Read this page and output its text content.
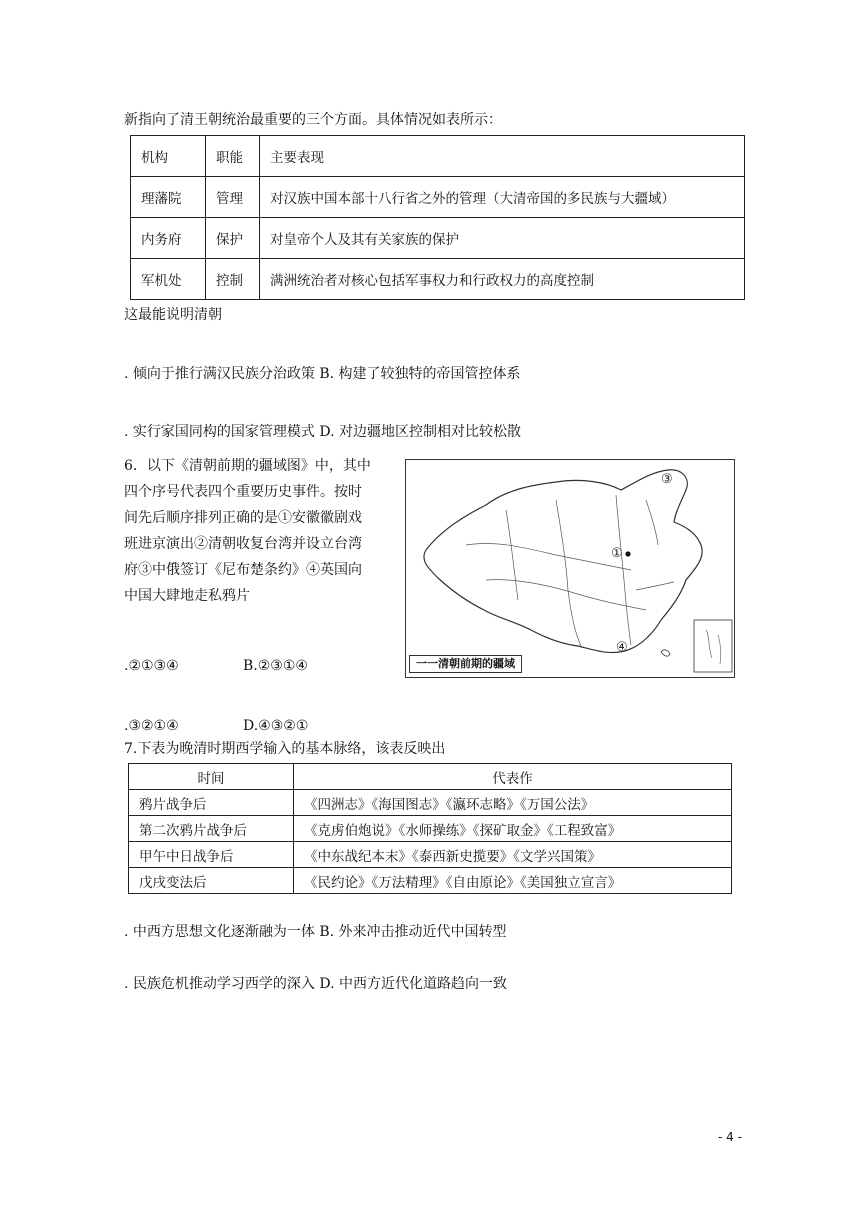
新指向了清王朝统治最重要的三个方面。具体情况如表所示：
机构	职能	主要表现
理藩院	管理	对汉族中国本部十八行省之外的管理（大清帝国的多民族与大疆域）
内务府	保护	对皇帝个人及其有关家族的保护
军机处	控制	满洲统治者对核心包括军事权力和行政权力的高度控制
这最能说明清朝
. 倾向于推行满汉民族分治政策 B. 构建了较独特的帝国管控体系
. 实行家国同构的国家管理模式 D. 对边疆地区控制相对比较松散
6．以下《清朝前期的疆域图》中，其中
四个序号代表四个重要历史事件。按时
间先后顺序排列正确的是①安徽徽剧戏
班进京演出②清朝收复台湾并设立台湾
府③中俄签订《尼布楚条约》④英国向
中国大肆地走私鸦片
.②①③④	B.②③①④
.③②①④	D.④③②①
③
①
④
一一清朝前期的疆域
7.下表为晚清时期西学输入的基本脉络，该表反映出
时间	代表作
鸦片战争后	《四洲志》《海国图志》《瀛环志略》《万国公法》
第二次鸦片战争后	《克虏伯炮说》《水师操练》《探矿取金》《工程致富》
甲午中日战争后	《中东战纪本末》《泰西新史揽要》《文学兴国策》
戊戌变法后	《民约论》《万法精理》《自由原论》《美国独立宣言》
. 中西方思想文化逐渐融为一体 B. 外来冲击推动近代中国转型
. 民族危机推动学习西学的深入 D. 中西方近代化道路趋向一致
- 4 -
